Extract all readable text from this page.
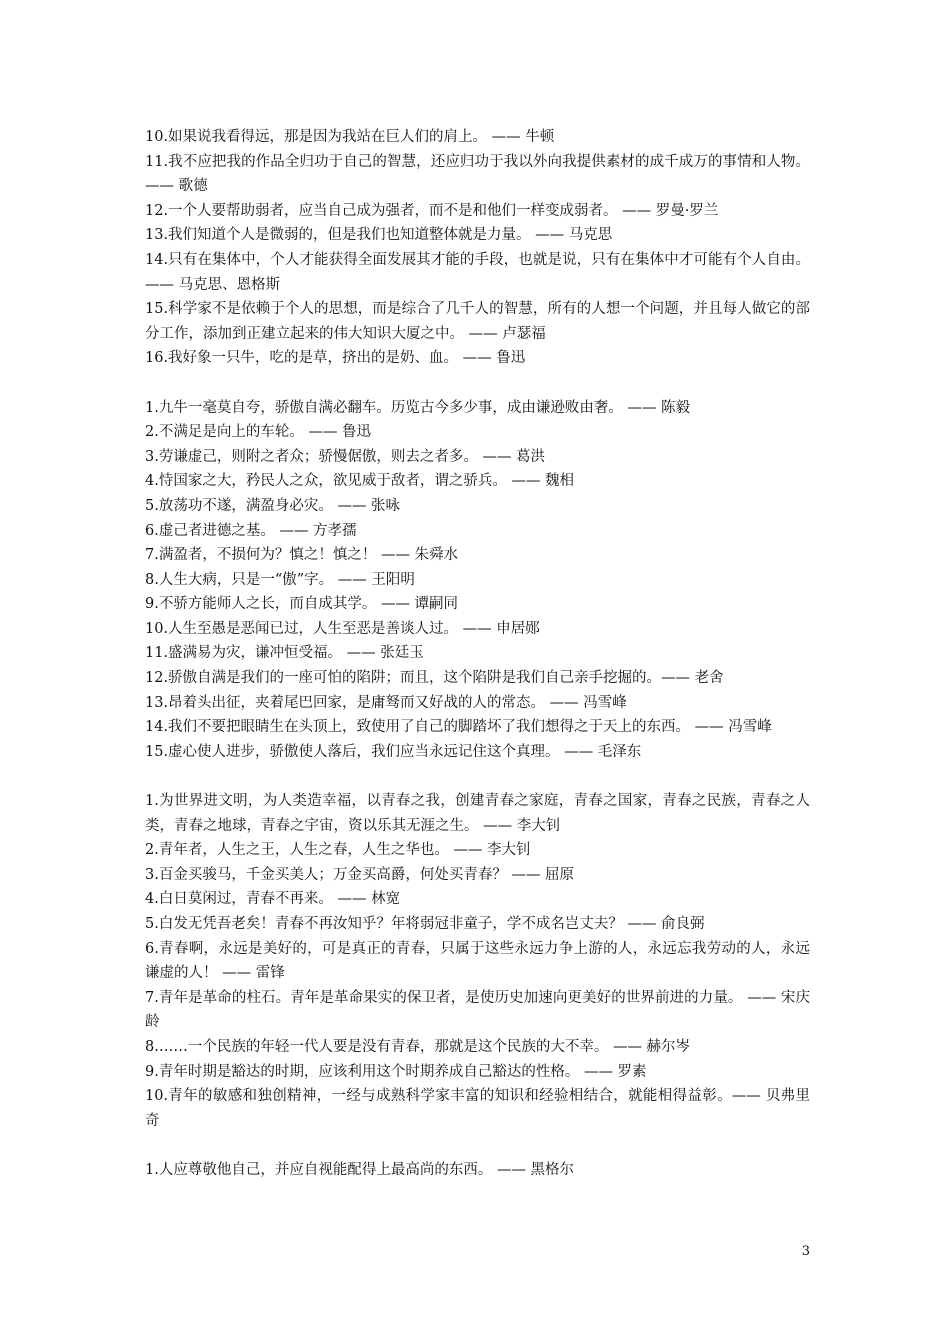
10.如果说我看得远，那是因为我站在巨人们的肩上。 —— 牛顿

11.我不应把我的作品全归功于自己的智慧，还应归功于我以外向我提供素材的成千成万的事情和人物。 —— 歌德

12.一个人要帮助弱者，应当自己成为强者，而不是和他们一样变成弱者。 —— 罗曼·罗兰

13.我们知道个人是微弱的，但是我们也知道整体就是力量。 —— 马克思

14.只有在集体中，个人才能获得全面发展其才能的手段，也就是说，只有在集体中才可能有个人自由。 —— 马克思、恩格斯

15.科学家不是依赖于个人的思想，而是综合了几千人的智慧，所有的人想一个问题，并且每人做它的部分工作，添加到正建立起来的伟大知识大厦之中。 —— 卢瑟福

16.我好象一只牛，吃的是草，挤出的是奶、血。 —— 鲁迅

1.九牛一毫莫自夸，骄傲自满必翻车。历览古今多少事，成由谦逊败由奢。 —— 陈毅

2.不满足是向上的车轮。 —— 鲁迅

3.劳谦虚己，则附之者众；骄慢倨傲，则去之者多。 —— 葛洪

4.恃国家之大，矜民人之众，欲见威于敌者，谓之骄兵。 —— 魏相

5.放荡功不遂，满盈身必灾。 —— 张咏

6.虚己者进德之基。 —— 方孝孺

7.满盈者，不损何为？慎之！慎之！ —— 朱舜水

8.人生大病，只是一“傲”字。 —— 王阳明

9.不骄方能师人之长，而自成其学。 —— 谭嗣同

10.人生至愚是恶闻已过，人生至恶是善谈人过。 —— 申居郧

11.盛满易为灾，谦冲恒受福。 —— 张廷玉

12.骄傲自满是我们的一座可怕的陷阱；而且，这个陷阱是我们自己亲手挖掘的。—— 老舍

13.昂着头出征，夹着尾巴回家，是庸驽而又好战的人的常态。 —— 冯雪峰

14.我们不要把眼睛生在头顶上，致使用了自己的脚踏坏了我们想得之于天上的东西。 —— 冯雪峰

15.虚心使人进步，骄傲使人落后，我们应当永远记住这个真理。 —— 毛泽东

1.为世界进文明，为人类造幸福，以青春之我，创建青春之家庭，青春之国家，青春之民族，青春之人类，青春之地球，青春之宇宙，资以乐其无涯之生。 —— 李大钊

2.青年者，人生之王，人生之春，人生之华也。 —— 李大钊

3.百金买骏马，千金买美人；万金买高爵，何处买青春？ —— 屈原

4.白日莫闲过，青春不再来。 —— 林宽

5.白发无凭吾老矣！青春不再汝知乎？年将弱冠非童子，学不成名岂丈夫？ —— 俞良弼

6.青春啊，永远是美好的，可是真正的青春，只属于这些永远力争上游的人，永远忘我劳动的人，永远谦虚的人！ —— 雷锋

7.青年是革命的柱石。青年是革命果实的保卫者，是使历史加速向更美好的世界前进的力量。 —— 宋庆龄

8.……一个民族的年轻一代人要是没有青春，那就是这个民族的大不幸。 —— 赫尔岑

9.青年时期是豁达的时期，应该利用这个时期养成自己豁达的性格。 —— 罗素

10.青年的敏感和独创精神，一经与成熟科学家丰富的知识和经验相结合，就能相得益彰。—— 贝弗里奇

1.人应尊敬他自己，并应自视能配得上最高尚的东西。 —— 黑格尔

3
